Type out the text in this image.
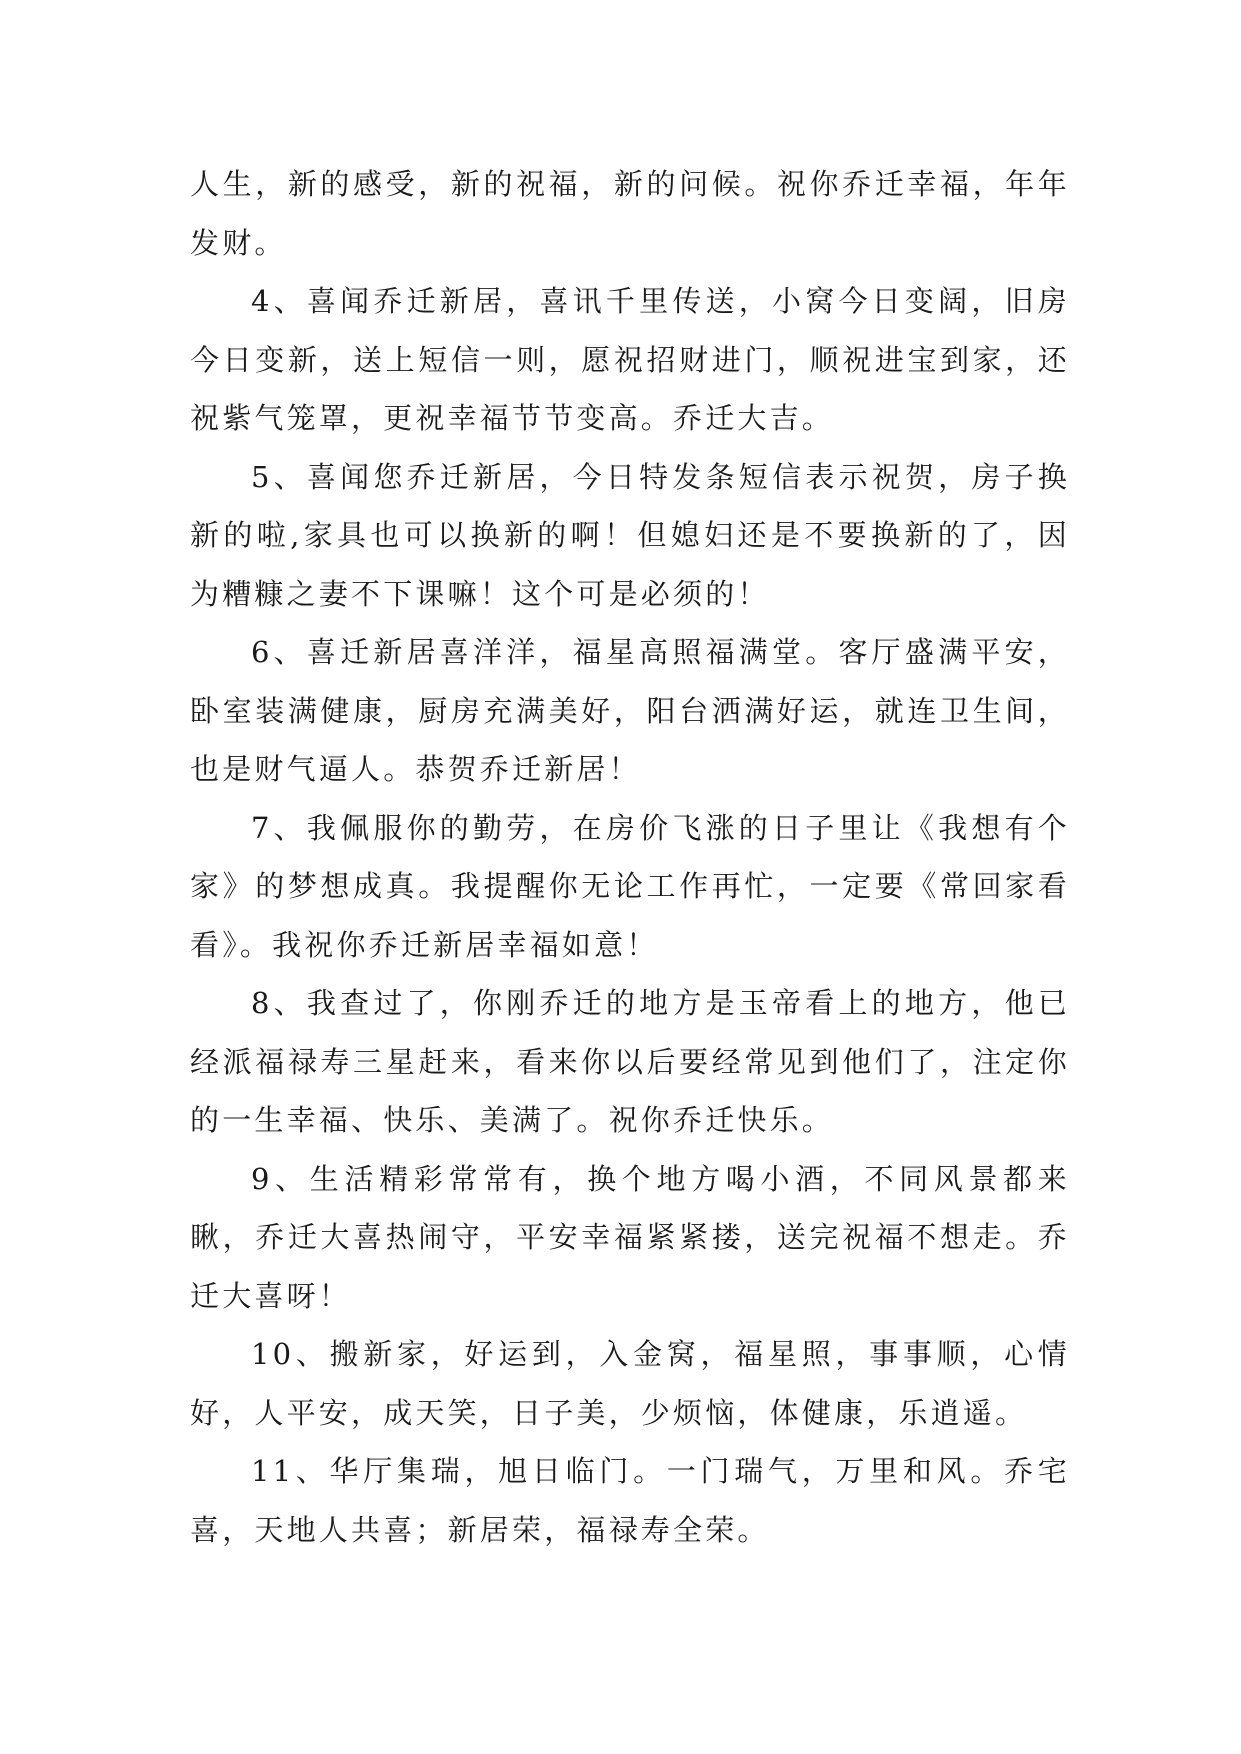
人生，新的感受，新的祝福，新的问候。祝你乔迁幸福，年年发财。

4、喜闻乔迁新居，喜讯千里传送，小窝今日变阔，旧房今日变新，送上短信一则，愿祝招财进门，顺祝进宝到家，还祝紫气笼罩，更祝幸福节节变高。乔迁大吉。

5、喜闻您乔迁新居，今日特发条短信表示祝贺，房子换新的啦,家具也可以换新的啊！但媳妇还是不要换新的了，因为糟糠之妻不下课嘛！这个可是必须的！

6、喜迁新居喜洋洋，福星高照福满堂。客厅盛满平安，卧室装满健康，厨房充满美好，阳台洒满好运，就连卫生间，也是财气逼人。恭贺乔迁新居！

7、我佩服你的勤劳，在房价飞涨的日子里让《我想有个家》的梦想成真。我提醒你无论工作再忙，一定要《常回家看看》。我祝你乔迁新居幸福如意！

8、我查过了，你刚乔迁的地方是玉帝看上的地方，他已经派福禄寿三星赶来，看来你以后要经常见到他们了，注定你的一生幸福、快乐、美满了。祝你乔迁快乐。

9、生活精彩常常有，换个地方喝小酒，不同风景都来瞅，乔迁大喜热闹守，平安幸福紧紧搂，送完祝福不想走。乔迁大喜呀！

10、搬新家，好运到，入金窝，福星照，事事顺，心情好，人平安，成天笑，日子美，少烦恼，体健康，乐逍遥。

11、华厅集瑞，旭日临门。一门瑞气，万里和风。乔宅喜，天地人共喜；新居荣，福禄寿全荣。
